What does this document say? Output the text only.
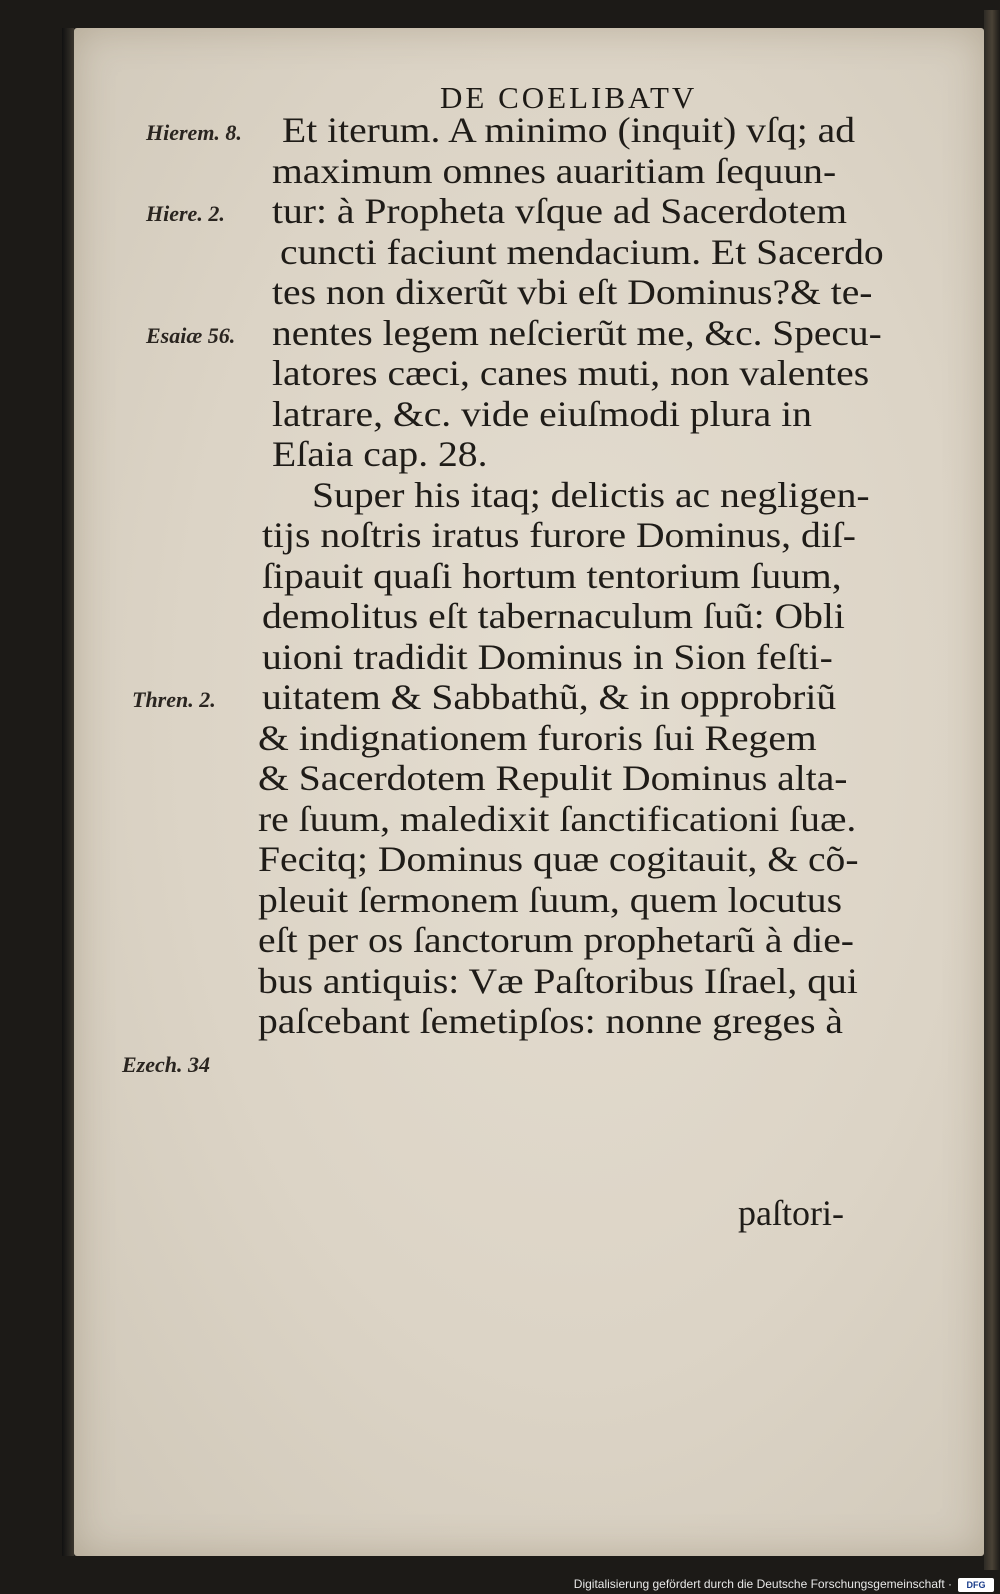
DE COELIBATV
Et iterum. A minimo (inquit) vſq; ad
maximum omnes auaritiam ſequun-
tur: à Propheta vſque ad Sacerdotem
cuncti faciunt mendacium. Et Sacerdo
tes non dixerũt vbi eſt Dominus?& te-
nentes legem neſcierũt me, &c. Specu-
latores cæci, canes muti, non valentes
latrare, &c. vide eiuſmodi plura in
Eſaia cap. 28.
Super his itaq; delictis ac negligen-
tijs noſtris iratus furore Dominus, diſ-
ſipauit quaſi hortum tentorium ſuum,
demolitus eſt tabernaculum ſuũ: Obli
uioni tradidit Dominus in Sion feſti-
uitatem & Sabbathũ, & in opprobriũ
& indignationem furoris ſui Regem
& Sacerdotem Repulit Dominus alta-
re ſuum, maledixit ſanctificationi ſuæ.
Fecitq; Dominus quæ cogitauit, & cõ-
pleuit ſermonem ſuum, quem locutus
eſt per os ſanctorum prophetarũ à die-
bus antiquis: Væ Paſtoribus Iſrael, qui
paſcebant ſemetipſos: nonne greges à
Hierem. 8.
Hiere. 2.
Esaiæ 56.
Thren. 2.
Ezech. 34
paſtori-
Digitalisierung gefördert durch die Deutsche Forschungsgemeinschaft ·	DFG
